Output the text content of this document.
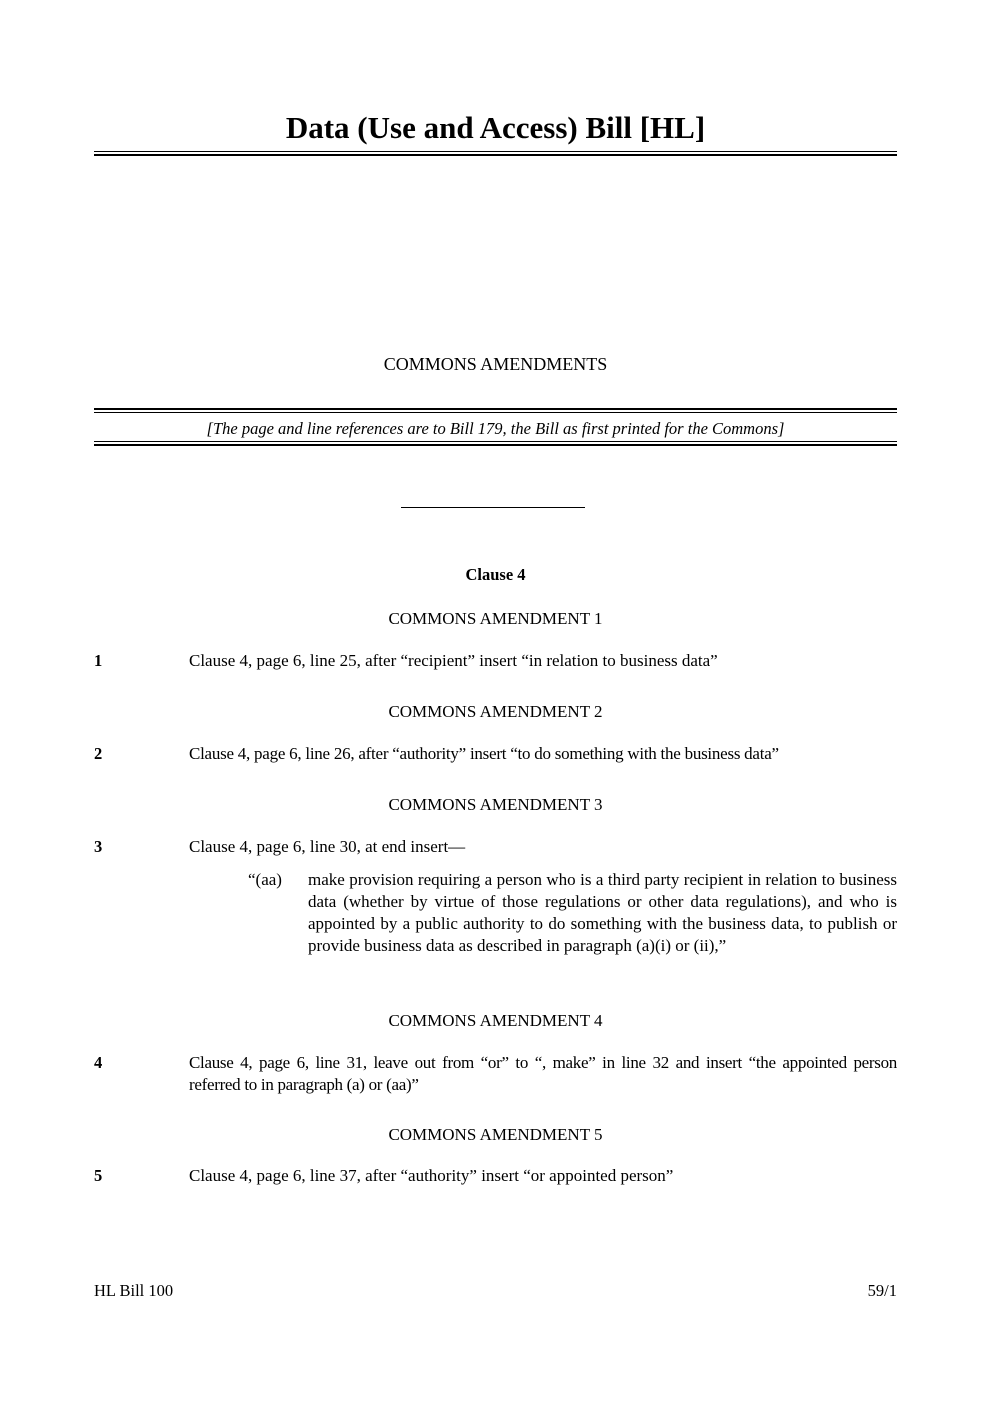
Data (Use and Access) Bill [HL]
COMMONS AMENDMENTS
[The page and line references are to Bill 179, the Bill as first printed for the Commons]
Clause 4
COMMONS AMENDMENT 1
1	Clause 4, page 6, line 25, after “recipient” insert “in relation to business data”
COMMONS AMENDMENT 2
2	Clause 4, page 6, line 26, after “authority” insert “to do something with the business data”
COMMONS AMENDMENT 3
3	Clause 4, page 6, line 30, at end insert—
“(aa) make provision requiring a person who is a third party recipient in relation to business data (whether by virtue of those regulations or other data regulations), and who is appointed by a public authority to do something with the business data, to publish or provide business data as described in paragraph (a)(i) or (ii),”
COMMONS AMENDMENT 4
4	Clause 4, page 6, line 31, leave out from “or” to “, make” in line 32 and insert “the appointed person referred to in paragraph (a) or (aa)”
COMMONS AMENDMENT 5
5	Clause 4, page 6, line 37, after “authority” insert “or appointed person”
HL Bill 100	59/1
